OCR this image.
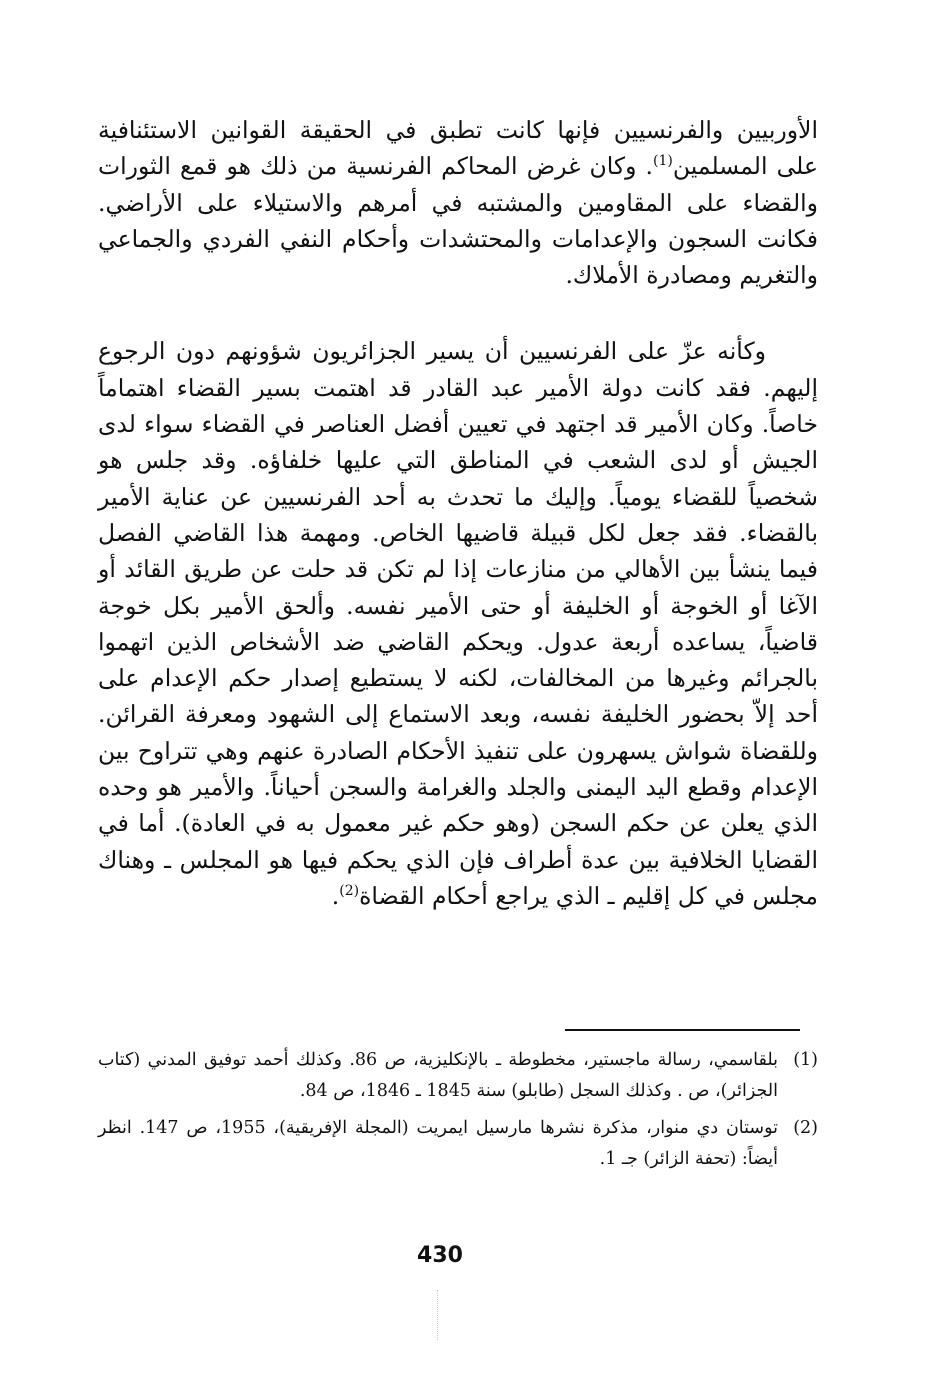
الأوربيين والفرنسيين فإنها كانت تطبق في الحقيقة القوانين الاستئنافية على المسلمين$^{(1)}$. وكان غرض المحاكم الفرنسية من ذلك هو قمع الثورات والقضاء على المقاومين والمشتبه في أمرهم والاستيلاء على الأراضي. فكانت السجون والإعدامات والمحتشدات وأحكام النفي الفردي والجماعي والتغريم ومصادرة الأملاك.

وكأنه عزّ على الفرنسيين أن يسير الجزائريون شؤونهم دون الرجوع إليهم. فقد كانت دولة الأمير عبد القادر قد اهتمت بسير القضاء اهتماماً خاصاً. وكان الأمير قد اجتهد في تعيين أفضل العناصر في القضاء سواء لدى الجيش أو لدى الشعب في المناطق التي عليها خلفاؤه. وقد جلس هو شخصياً للقضاء يومياً. وإليك ما تحدث به أحد الفرنسيين عن عناية الأمير بالقضاء. فقد جعل لكل قبيلة قاضيها الخاص. ومهمة هذا القاضي الفصل فيما ينشأ بين الأهالي من منازعات إذا لم تكن قد حلت عن طريق القائد أو الآغا أو الخوجة أو الخليفة أو حتى الأمير نفسه. وألحق الأمير بكل خوجة قاضياً، يساعده أربعة عدول. ويحكم القاضي ضد الأشخاص الذين اتهموا بالجرائم وغيرها من المخالفات، لكنه لا يستطيع إصدار حكم الإعدام على أحد إلاّ بحضور الخليفة نفسه، وبعد الاستماع إلى الشهود ومعرفة القرائن. وللقضاة شواش يسهرون على تنفيذ الأحكام الصادرة عنهم وهي تتراوح بين الإعدام وقطع اليد اليمنى والجلد والغرامة والسجن أحياناً. والأمير هو وحده الذي يعلن عن حكم السجن (وهو حكم غير معمول به في العادة). أما في القضايا الخلافية بين عدة أطراف فإن الذي يحكم فيها هو المجلس ـ وهناك مجلس في كل إقليم ـ الذي يراجع أحكام القضاة$^{(2)}$.

(1)
بلقاسمي، رسالة ماجستير، مخطوطة ـ بالإنكليزية، ص 86. وكذلك أحمد توفيق المدني (كتاب الجزائر)، ص . وكذلك السجل (طابلو) سنة 1845 ـ 1846، ص 84.
(2)
توستان دي منوار، مذكرة نشرها مارسيل ايمريت (المجلة الإفريقية)، 1955، ص 147. انظر أيضاً: (تحفة الزائر) جـ 1.
430
